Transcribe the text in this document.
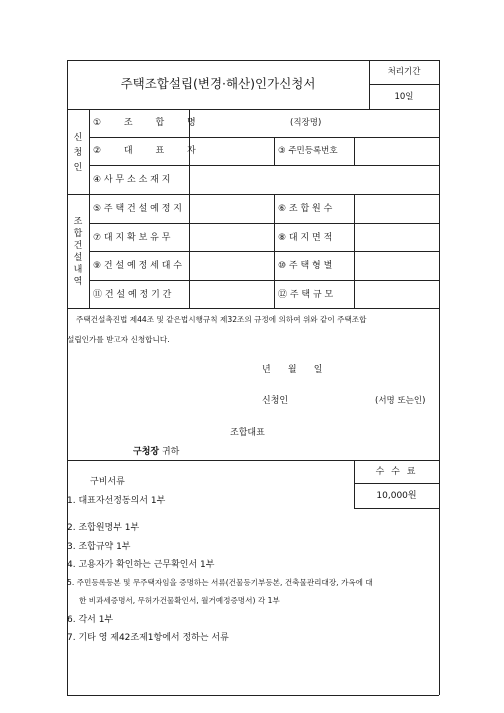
주택조합설립(변경·해산)인가신청서
처리기간
10일
신
청
인
① 조 합 명	(직장명)
② 대 표 자	③ 주민등록번호
④ 사 무 소 소 재 지
조
합
건
설
내
역
⑤ 주 택 건 설 예 정 지	⑥ 조 합 원 수
⑦ 대 지 확 보 유 무	⑧ 대 지 면 적
⑨ 건 설 예 정 세 대 수	⑩ 주 택 형 별
⑪ 건 설 예 정 기 간	⑫ 주 택 규 모
주택건설촉진법 제44조 및 같은법시행규칙 제32조의 규정에 의하여 위와 같이 주택조합
설립인가를 받고자 신청합니다.
년      월      일
신청인	(서명 또는인)
조합대표
구청장 귀하
구비서류
수 수 료
10,000원
1. 대표자선정동의서 1부
2. 조합원명부 1부
3. 조합규약 1부
4. 고용자가 확인하는 근무확인서 1부
5. 주민등록등본 및 무주택자임을 증명하는 서류(건물등기부등본, 건축물관리대장, 가옥에 대
한 비과세증명서, 무허가건물확인서, 월거예정증명서) 각 1부
6. 각서 1부
7. 기타 영 제42조제1항에서 정하는 서류
